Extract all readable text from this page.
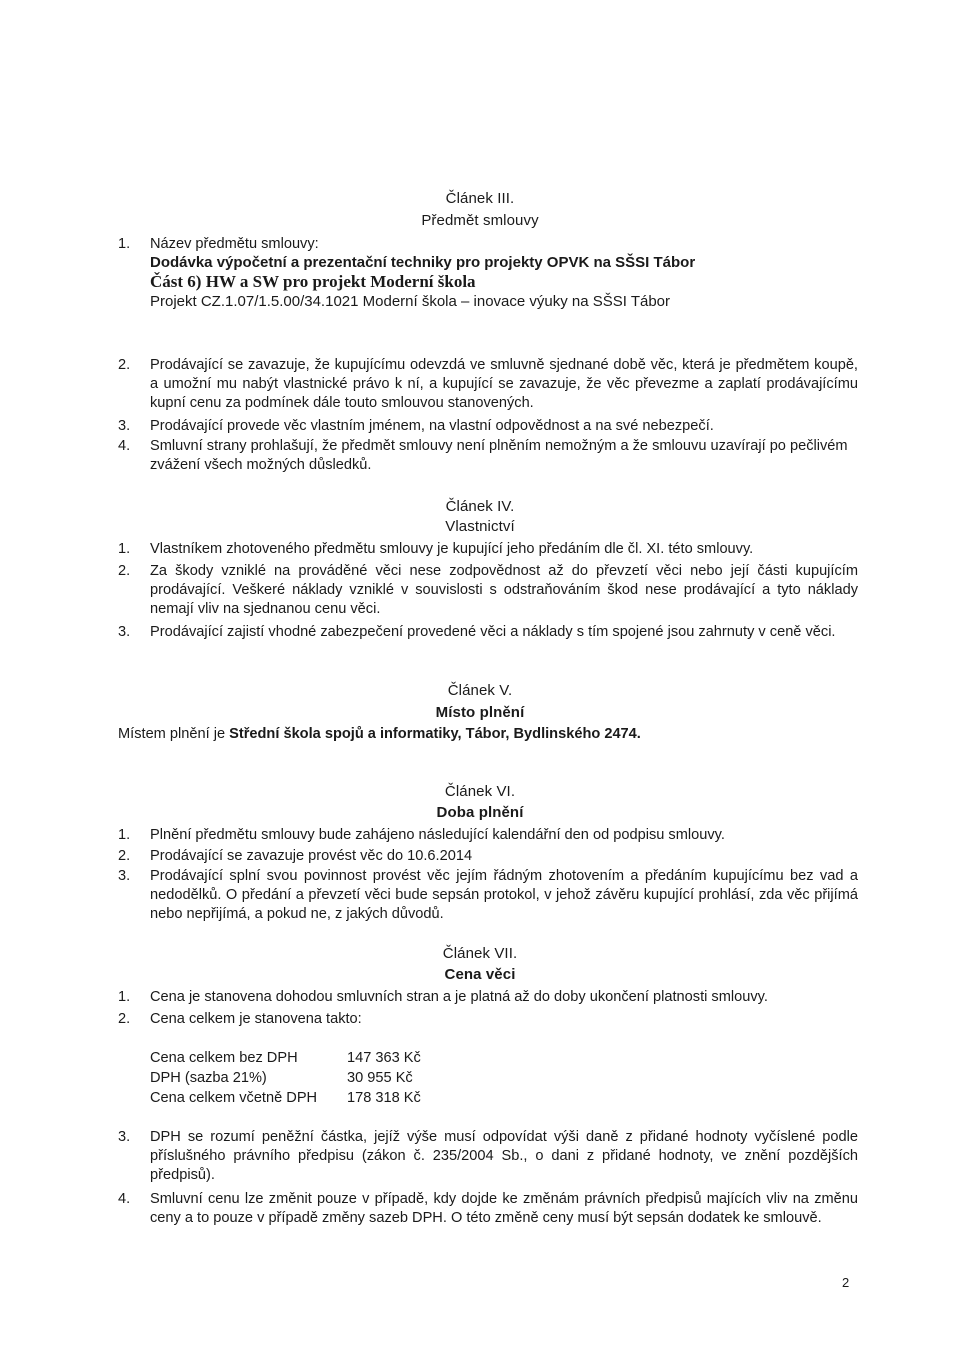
Článek III.
Předmět smlouvy
1. Název předmětu smlouvy:
Dodávka výpočetní a prezentační techniky pro projekty OPVK na SŠSI Tábor
Část 6) HW a SW pro projekt Moderní škola
Projekt CZ.1.07/1.5.00/34.1021 Moderní škola – inovace výuky na SŠSI Tábor
2.	Prodávající se zavazuje, že kupujícímu odevzdá ve smluvně sjednané době věc, která je předmětem koupě, a umožní mu nabýt vlastnické právo k ní, a kupující se zavazuje, že věc převezme a zaplatí prodávajícímu kupní cenu za podmínek dále touto smlouvou stanovených.
3.	Prodávající provede věc vlastním jménem, na vlastní odpovědnost a na své nebezpečí.
4.	Smluvní strany prohlašují, že předmět smlouvy není plněním nemožným a že smlouvu uzavírají po pečlivém zvážení všech možných důsledků.
Článek IV.
Vlastnictví
1.	Vlastníkem zhotoveného předmětu smlouvy je kupující jeho předáním dle čl. XI. této smlouvy.
2.	Za škody vzniklé na prováděné věci nese zodpovědnost až do převzetí věci nebo její části kupujícím prodávající. Veškeré náklady vzniklé v souvislosti s odstraňováním škod nese prodávající a tyto náklady nemají vliv na sjednanou cenu věci.
3.	Prodávající zajistí vhodné zabezpečení provedené věci a náklady s tím spojené jsou zahrnuty v ceně věci.
Článek V.
Místo plnění
Místem plnění je Střední škola spojů a informatiky, Tábor, Bydlinského 2474.
Článek VI.
Doba plnění
1.	Plnění předmětu smlouvy bude zahájeno následující kalendářní den od podpisu smlouvy.
2.	Prodávající se zavazuje provést věc do 10.6.2014
3.	Prodávající splní svou povinnost provést věc jejím řádným zhotovením a předáním kupujícímu bez vad a nedodělků. O předání a převzetí věci bude sepsán protokol, v jehož závěru kupující prohlásí, zda věc přijímá nebo nepřijímá, a pokud ne, z jakých důvodů.
Článek VII.
Cena věci
1.	Cena je stanovena dohodou smluvních stran a je platná až do doby ukončení platnosti smlouvy.
2.	Cena celkem je stanovena takto:
Cena celkem bez DPH	147 363 Kč
DPH (sazba 21%)	30 955 Kč
Cena celkem včetně DPH 178 318 Kč
3.	DPH se rozumí peněžní částka, jejíž výše musí odpovídat výši daně z přidané hodnoty vyčíslené podle příslušného právního předpisu (zákon č. 235/2004 Sb., o dani z přidané hodnoty, ve znění pozdějších předpisů).
4.	Smluvní cenu lze změnit pouze v případě, kdy dojde ke změnám právních předpisů majících vliv na změnu ceny a to pouze v případě změny sazeb DPH. O této změně ceny musí být sepsán dodatek ke smlouvě.
2
